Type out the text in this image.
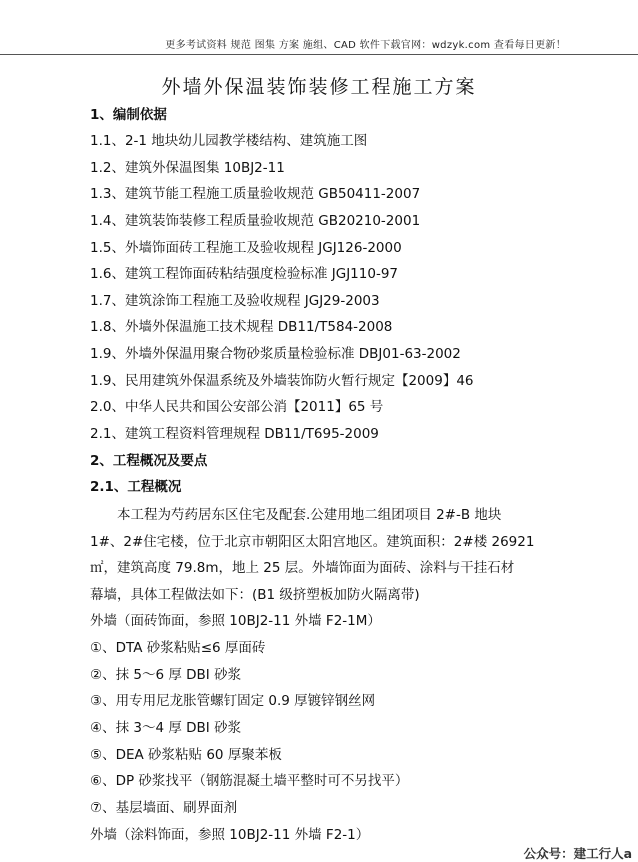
更多考试资料 规范 图集 方案 施组、CAD 软件下载官网：wdzyk.com 查看每日更新！
外墙外保温装饰装修工程施工方案
1、编制依据
1.1、2-1 地块幼儿园教学楼结构、建筑施工图
1.2、建筑外保温图集 10BJ2-11
1.3、建筑节能工程施工质量验收规范 GB50411-2007
1.4、建筑装饰装修工程质量验收规范 GB20210-2001
1.5、外墙饰面砖工程施工及验收规程 JGJ126-2000
1.6、建筑工程饰面砖粘结强度检验标准 JGJ110-97
1.7、建筑涂饰工程施工及验收规程 JGJ29-2003
1.8、外墙外保温施工技术规程 DB11/T584-2008
1.9、外墙外保温用聚合物砂浆质量检验标准 DBJ01-63-2002
1.9、民用建筑外保温系统及外墙装饰防火暂行规定【2009】46
2.0、中华人民共和国公安部公消【2011】65 号
2.1、建筑工程资料管理规程 DB11/T695-2009
2、工程概况及要点
2.1、工程概况
本工程为芍药居东区住宅及配套.公建用地二组团项目 2#-B 地块
1#、2#住宅楼，位于北京市朝阳区太阳宫地区。建筑面积：2#楼 26921
㎡，建筑高度 79.8m，地上 25 层。外墙饰面为面砖、涂料与干挂石材
幕墙，具体工程做法如下：(B1 级挤塑板加防火隔离带)
外墙（面砖饰面，参照 10BJ2-11 外墙 F2-1M）
①、DTA 砂浆粘贴≤6 厚面砖
②、抹 5～6 厚 DBI 砂浆
③、用专用尼龙胀管螺钉固定 0.9 厚镀锌钢丝网
④、抹 3～4 厚 DBI 砂浆
⑤、DEA 砂浆粘贴 60 厚聚苯板
⑥、DP 砂浆找平（钢筋混凝土墙平整时可不另找平）
⑦、基层墙面、刷界面剂
外墙（涂料饰面，参照 10BJ2-11 外墙 F2-1）
公众号：建工行人a
